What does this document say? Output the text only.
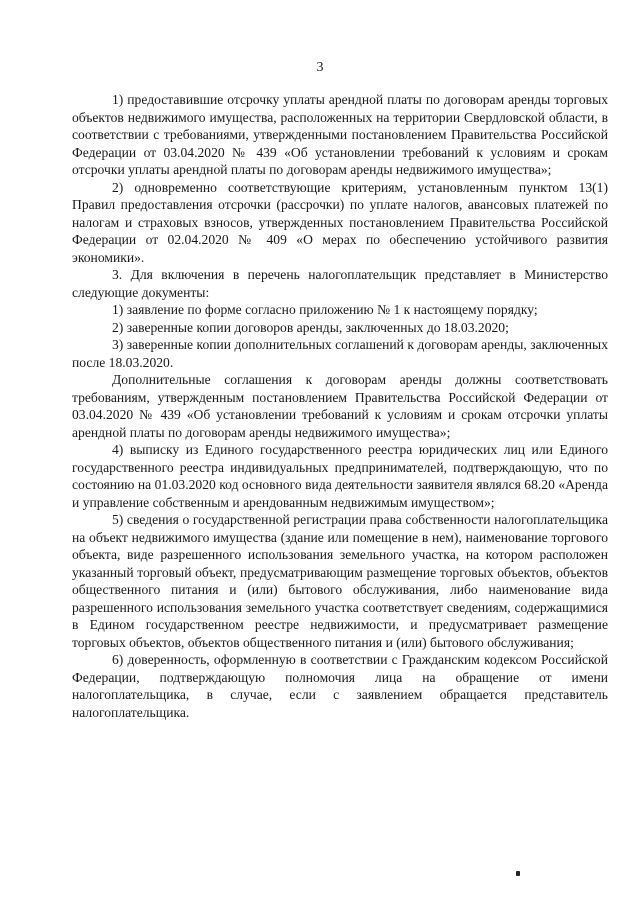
3

1) предоставившие отсрочку уплаты арендной платы по договорам аренды торговых объектов недвижимого имущества, расположенных на территории Свердловской области, в соответствии с требованиями, утвержденными постановлением Правительства Российской Федерации от 03.04.2020 № 439 «Об установлении требований к условиям и срокам отсрочки уплаты арендной платы по договорам аренды недвижимого имущества»;

2) одновременно соответствующие критериям, установленным пунктом 13(1) Правил предоставления отсрочки (рассрочки) по уплате налогов, авансовых платежей по налогам и страховых взносов, утвержденных постановлением Правительства Российской Федерации от 02.04.2020 № 409 «О мерах по обеспечению устойчивого развития экономики».

3. Для включения в перечень налогоплательщик представляет в Министерство следующие документы:

1) заявление по форме согласно приложению № 1 к настоящему порядку;

2) заверенные копии договоров аренды, заключенных до 18.03.2020;

3) заверенные копии дополнительных соглашений к договорам аренды, заключенных после 18.03.2020.

Дополнительные соглашения к договорам аренды должны соответствовать требованиям, утвержденным постановлением Правительства Российской Федерации от 03.04.2020 № 439 «Об установлении требований к условиям и срокам отсрочки уплаты арендной платы по договорам аренды недвижимого имущества»;

4) выписку из Единого государственного реестра юридических лиц или Единого государственного реестра индивидуальных предпринимателей, подтверждающую, что по состоянию на 01.03.2020 код основного вида деятельности заявителя являлся 68.20 «Аренда и управление собственным и арендованным недвижимым имуществом»;

5) сведения о государственной регистрации права собственности налогоплательщика на объект недвижимого имущества (здание или помещение в нем), наименование торгового объекта, виде разрешенного использования земельного участка, на котором расположен указанный торговый объект, предусматривающим размещение торговых объектов, объектов общественного питания и (или) бытового обслуживания, либо наименование вида разрешенного использования земельного участка соответствует сведениям, содержащимися в Едином государственном реестре недвижимости, и предусматривает размещение торговых объектов, объектов общественного питания и (или) бытового обслуживания;

6) доверенность, оформленную в соответствии с Гражданским кодексом Российской Федерации, подтверждающую полномочия лица на обращение от имени налогоплательщика, в случае, если с заявлением обращается представитель налогоплательщика.
